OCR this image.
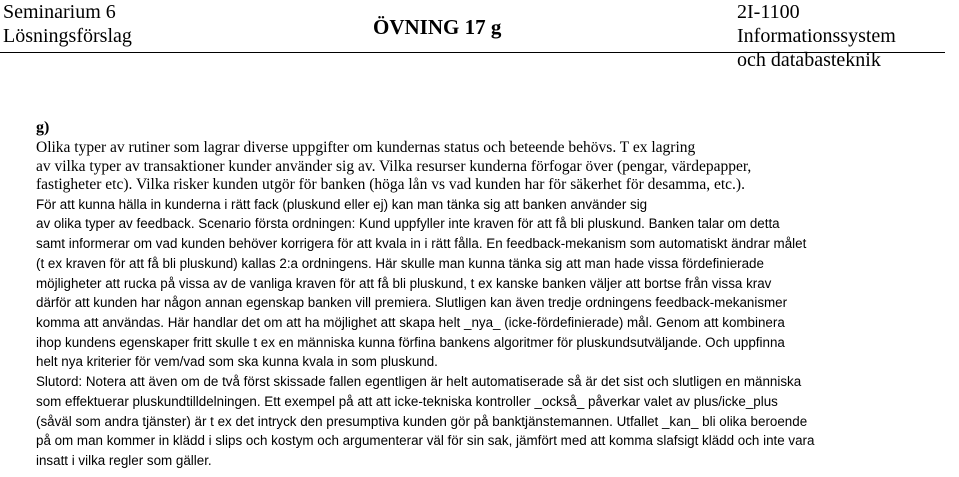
Seminarium 6
Lösningsförslag	ÖVNING 17 g
2I-1100 Informationssystem
och databasteknik
g)
Olika typer av rutiner som lagrar diverse uppgifter om kundernas status och beteende behövs. T ex lagring
av vilka typer av transaktioner kunder använder sig av. Vilka resurser kunderna förfogar över (pengar, värdepapper,
fastigheter etc). Vilka risker kunden utgör för banken (höga lån vs vad kunden har för säkerhet för desamma, etc.).
För att kunna hälla in kunderna i rätt fack (pluskund eller ej) kan man tänka sig att banken använder sig
av olika typer av feedback. Scenario första ordningen: Kund uppfyller inte kraven för att få bli pluskund. Banken talar om detta
samt informerar om vad kunden behöver korrigera för att kvala in i rätt fålla. En feedback-mekanism som automatiskt ändrar målet
(t ex kraven för att få bli pluskund) kallas 2:a ordningens. Här skulle man kunna tänka sig att man hade vissa fördefinierade
möjligheter att rucka på vissa av de vanliga kraven för att få bli pluskund, t ex kanske banken väljer att bortse från vissa krav
därför att kunden har någon annan egenskap banken vill premiera. Slutligen kan även tredje ordningens feedback-mekanismer
komma att användas. Här handlar det om att ha möjlighet att skapa helt _nya_ (icke-fördefinierade) mål. Genom att kombinera
ihop kundens egenskaper fritt skulle t ex en människa kunna förfina bankens algoritmer för pluskundsutväljande. Och uppfinna
helt nya kriterier för vem/vad som ska kunna kvala in som pluskund.
Slutord: Notera att även om de två först skissade fallen egentligen är helt automatiserade så är det sist och slutligen en människa
som effektuerar pluskundtilldelningen. Ett exempel på att att icke-tekniska kontroller _också_ påverkar valet av plus/icke_plus
(såväl som andra tjänster) är t ex det intryck den presumptiva kunden gör på banktjänstemannen. Utfallet _kan_ bli olika beroende
på om man kommer in klädd i slips och kostym och argumenterar väl för sin sak, jämfört med att komma slafsigt klädd och inte vara
insatt i vilka regler som gäller.
